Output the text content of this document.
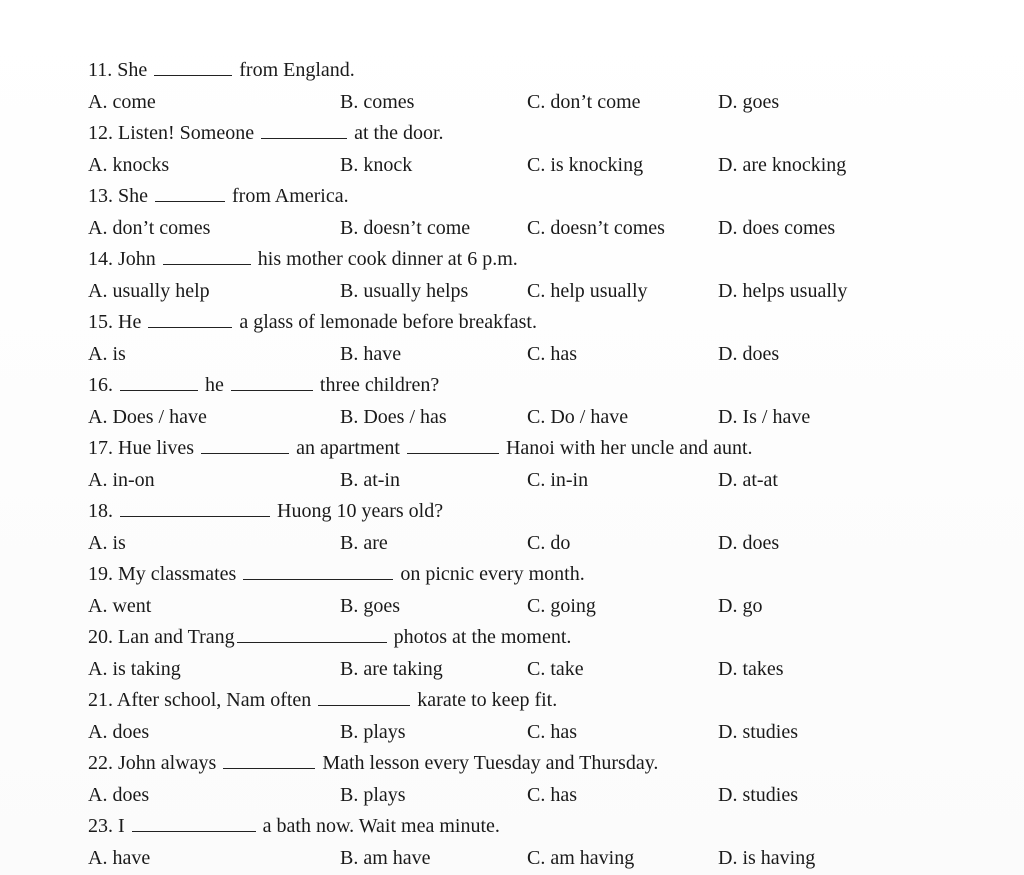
11. She	from England.
A. come	B. comes	C. don’t come	D. goes
12. Listen! Someone	at the door.
A. knocks	B. knock	C. is knocking	D. are knocking
13. She	from America.
A. don’t comes	B. doesn’t come	C. doesn’t comes	D. does comes
14. John	his mother cook dinner at 6 p.m.
A. usually help	B. usually helps	C. help usually	D. helps usually
15. He	a glass of lemonade before breakfast.
A. is	B. have	C. has	D. does
16.	he	three children?
A. Does / have	B. Does / has	C. Do / have	D. Is / have
17. Hue lives	an apartment	Hanoi with her uncle and aunt.
A. in-on	B. at-in	C. in-in	D. at-at
18.	Huong 10 years old?
A. is	B. are	C. do	D. does
19. My classmates	on picnic every month.
A. went	B. goes	C. going	D. go
20. Lan and Trang	photos at the moment.
A. is taking	B. are taking	C. take	D. takes
21. After school, Nam often	karate to keep fit.
A. does	B. plays	C. has	D. studies
22. John always	Math lesson every Tuesday and Thursday.
A. does	B. plays	C. has	D. studies
23. I	a bath now. Wait mea minute.
A. have	B. am have	C. am having	D. is having
